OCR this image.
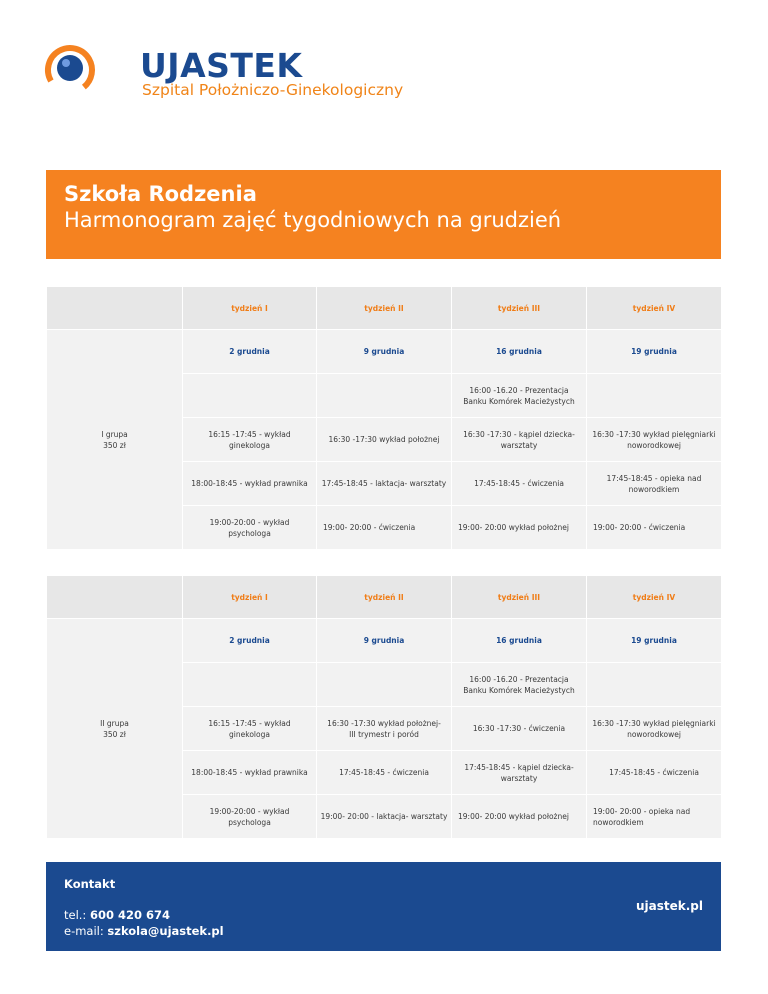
UJASTEK
Szpital Położniczo-Ginekologiczny
Szkoła Rodzenia
Harmonogram zajęć tygodniowych na grudzień
	tydzień I	tydzień II	tydzień III	tydzień IV

I grupa
350 zł	2 grudnia	9 grudnia	16 grudnia	19 grudnia
			16:00 -16.20 - Prezentacja Banku Komórek Macieżystych	
	16:15 -17:45 - wykład ginekologa	16:30 -17:30 wykład położnej	16:30 -17:30 - kąpiel dziecka- warsztaty	16:30 -17:30 wykład pielęgniarki noworodkowej
	18:00-18:45 - wykład prawnika	17:45-18:45 - laktacja- warsztaty	17:45-18:45 - ćwiczenia	17:45-18:45 - opieka nad noworodkiem
	19:00-20:00 - wykład psychologa	19:00- 20:00 - ćwiczenia	19:00- 20:00 wykład położnej	19:00- 20:00 - ćwiczenia
	tydzień I	tydzień II	tydzień III	tydzień IV

II grupa
350 zł	2 grudnia	9 grudnia	16 grudnia	19 grudnia
			16:00 -16.20 - Prezentacja Banku Komórek Macieżystych	
	16:15 -17:45 - wykład ginekologa	16:30 -17:30 wykład położnej- III trymestr i poród	16:30 -17:30 - ćwiczenia	16:30 -17:30 wykład pielęgniarki noworodkowej
	18:00-18:45 - wykład prawnika	17:45-18:45 - ćwiczenia	17:45-18:45 - kąpiel dziecka- warsztaty	17:45-18:45 - ćwiczenia
	19:00-20:00 - wykład psychologa	19:00- 20:00 - laktacja- warsztaty	19:00- 20:00 wykład położnej	19:00- 20:00 - opieka nad noworodkiem
Kontakt
tel.: 600 420 674
e-mail: szkola@ujastek.pl
ujastek.pl
